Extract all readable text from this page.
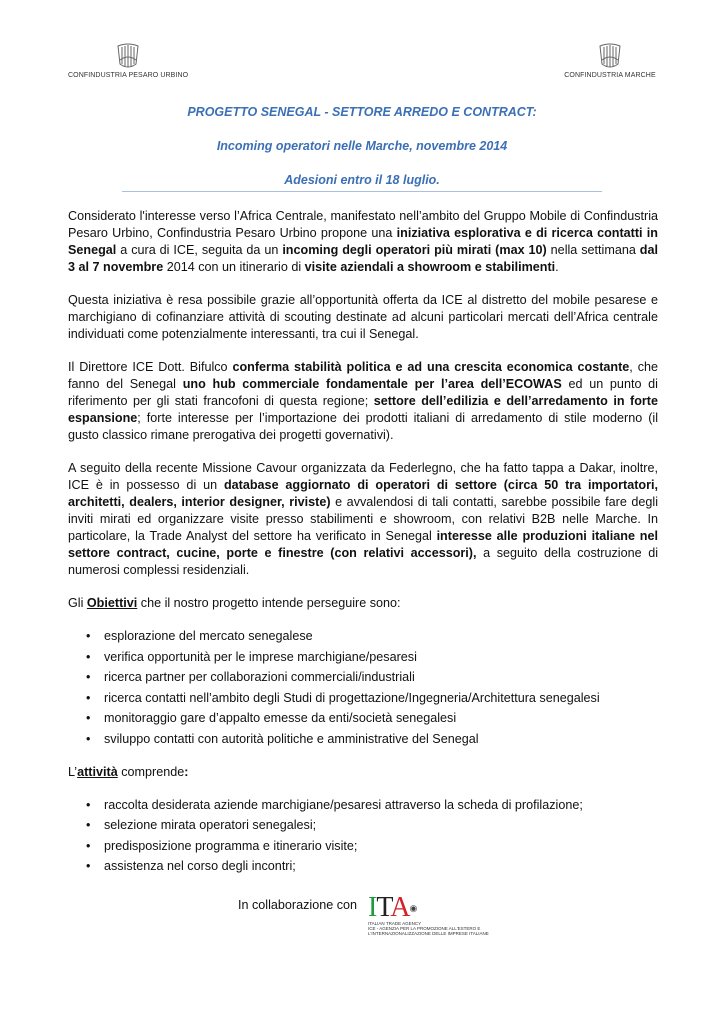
CONFINDUSTRIA PESARO URBINO	CONFINDUSTRIA MARCHE
PROGETTO SENEGAL - SETTORE ARREDO E CONTRACT:
Incoming operatori nelle Marche, novembre 2014
Adesioni entro il 18 luglio.

Considerato l'interesse verso l’Africa Centrale, manifestato nell’ambito del Gruppo Mobile di Confindustria Pesaro Urbino, Confindustria Pesaro Urbino propone una iniziativa esplorativa e di ricerca contatti in Senegal a cura di ICE, seguita da un incoming degli operatori più mirati (max 10) nella settimana dal 3 al 7 novembre 2014 con un itinerario di visite aziendali a showroom e stabilimenti.

Questa iniziativa è resa possibile grazie all’opportunità offerta da ICE al distretto del mobile pesarese e marchigiano di cofinanziare attività di scouting destinate ad alcuni particolari mercati dell’Africa centrale individuati come potenzialmente interessanti, tra cui il Senegal.

Il Direttore ICE Dott. Bifulco conferma stabilità politica e ad una crescita economica costante, che fanno del Senegal uno hub commerciale fondamentale per l’area dell’ECOWAS ed un punto di riferimento per gli stati francofoni di questa regione; settore dell’edilizia e dell’arredamento in forte espansione; forte interesse per l’importazione dei prodotti italiani di arredamento di stile moderno (il gusto classico rimane prerogativa dei progetti governativi).

A seguito della recente Missione Cavour organizzata da Federlegno, che ha fatto tappa a Dakar, inoltre, ICE è in possesso di un database aggiornato di operatori di settore (circa 50 tra importatori, architetti, dealers, interior designer, riviste) e avvalendosi di tali contatti, sarebbe possibile fare degli inviti mirati ed organizzare visite presso stabilimenti e showroom, con relativi B2B nelle Marche. In particolare, la Trade Analyst del settore ha verificato in Senegal interesse alle produzioni italiane nel settore contract, cucine, porte e finestre (con relativi accessori), a seguito della costruzione di numerosi complessi residenziali.

Gli Obiettivi che il nostro progetto intende perseguire sono:

• esplorazione del mercato senegalese
• verifica opportunità per le imprese marchigiane/pesaresi
• ricerca partner per collaborazioni commerciali/industriali
• ricerca contatti nell’ambito degli Studi di progettazione/Ingegneria/Architettura senegalesi
• monitoraggio gare d’appalto emesse da enti/società senegalesi
• sviluppo contatti con autorità politiche e amministrative del Senegal

L’attività comprende:

• raccolta desiderata aziende marchigiane/pesaresi attraverso la scheda di profilazione;
• selezione mirata operatori senegalesi;
• predisposizione programma e itinerario visite;
• assistenza nel corso degli incontri;
In collaborazione con ITA◉
ITALIAN TRADE AGENCY
ICE - AGENZIA PER LA PROMOZIONE ALL'ESTERO E
L'INTERNAZIONALIZZAZIONE DELLE IMPRESE ITALIANE
